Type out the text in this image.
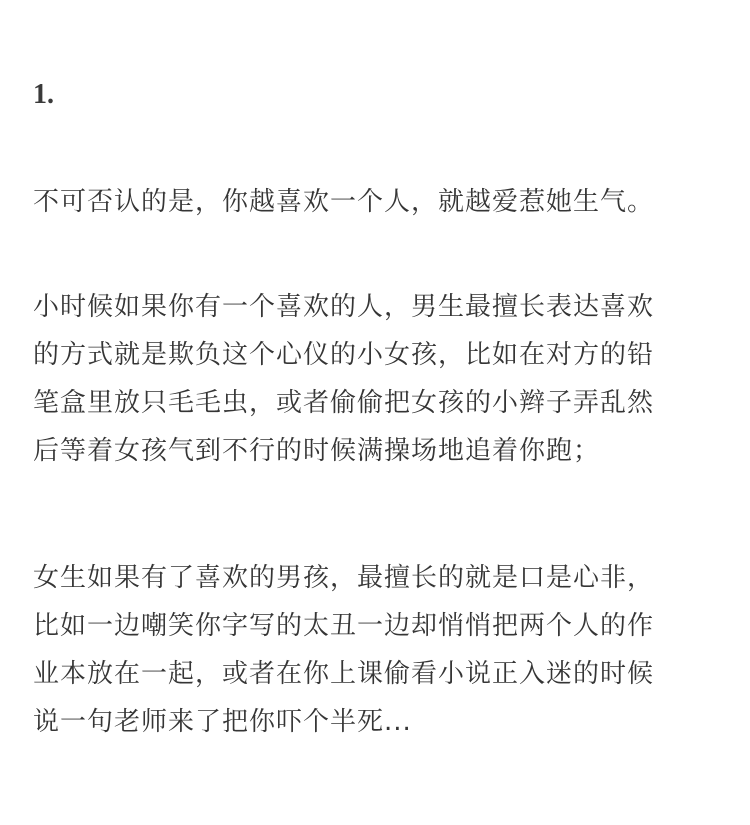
1.

不可否认的是，你越喜欢一个人，就越爱惹她生气。

小时候如果你有一个喜欢的人，男生最擅长表达喜欢
的方式就是欺负这个心仪的小女孩，比如在对方的铅
笔盒里放只毛毛虫，或者偷偷把女孩的小辫子弄乱然
后等着女孩气到不行的时候满操场地追着你跑；

女生如果有了喜欢的男孩，最擅长的就是口是心非，
比如一边嘲笑你字写的太丑一边却悄悄把两个人的作
业本放在一起，或者在你上课偷看小说正入迷的时候
说一句老师来了把你吓个半死...
